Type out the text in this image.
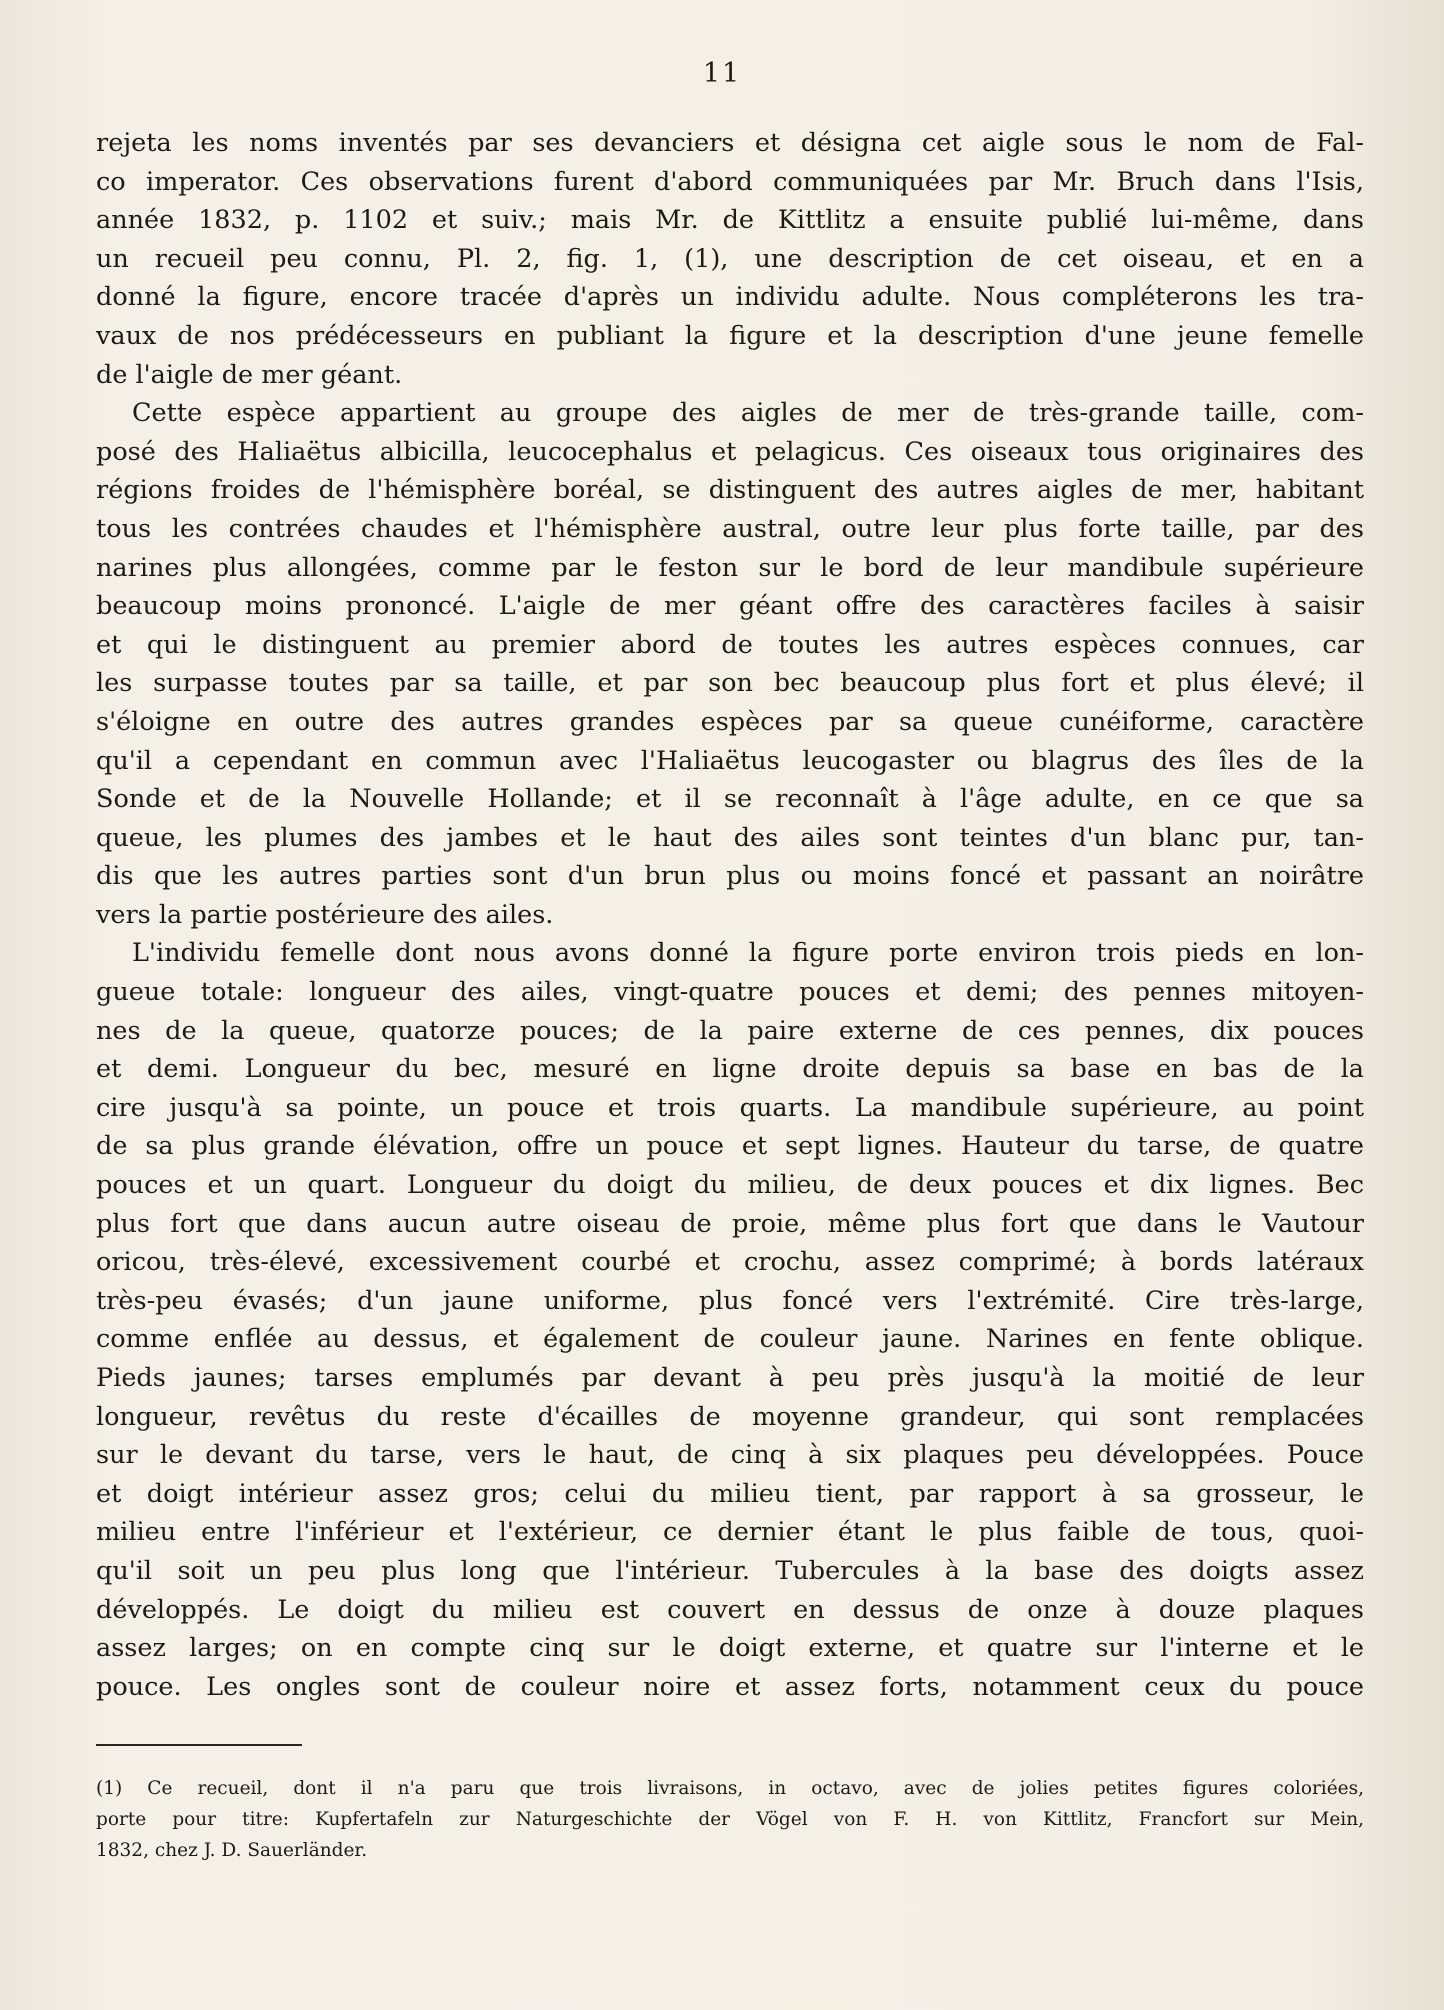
11

rejeta les noms inventés par ses devanciers et désigna cet aigle sous le nom de Fal-
co imperator. Ces observations furent d'abord communiquées par Mr. Bruch dans l'Isis,
année 1832, p. 1102 et suiv.; mais Mr. de Kittlitz a ensuite publié lui-même, dans
un recueil peu connu, Pl. 2, fig. 1, (1), une description de cet oiseau, et en a
donné la figure, encore tracée d'après un individu adulte. Nous compléterons les tra-
vaux de nos prédécesseurs en publiant la figure et la description d'une jeune femelle
de l'aigle de mer géant.

Cette espèce appartient au groupe des aigles de mer de très-grande taille, com-
posé des Haliaëtus albicilla, leucocephalus et pelagicus. Ces oiseaux tous originaires des
régions froides de l'hémisphère boréal, se distinguent des autres aigles de mer, habitant
tous les contrées chaudes et l'hémisphère austral, outre leur plus forte taille, par des
narines plus allongées, comme par le feston sur le bord de leur mandibule supérieure
beaucoup moins prononcé. L'aigle de mer géant offre des caractères faciles à saisir
et qui le distinguent au premier abord de toutes les autres espèces connues, car
les surpasse toutes par sa taille, et par son bec beaucoup plus fort et plus élevé; il
s'éloigne en outre des autres grandes espèces par sa queue cunéiforme, caractère
qu'il a cependant en commun avec l'Haliaëtus leucogaster ou blagrus des îles de la
Sonde et de la Nouvelle Hollande; et il se reconnaît à l'âge adulte, en ce que sa
queue, les plumes des jambes et le haut des ailes sont teintes d'un blanc pur, tan-
dis que les autres parties sont d'un brun plus ou moins foncé et passant an noirâtre
vers la partie postérieure des ailes.

L'individu femelle dont nous avons donné la figure porte environ trois pieds en lon-
gueue totale: longueur des ailes, vingt-quatre pouces et demi; des pennes mitoyen-
nes de la queue, quatorze pouces; de la paire externe de ces pennes, dix pouces
et demi. Longueur du bec, mesuré en ligne droite depuis sa base en bas de la
cire jusqu'à sa pointe, un pouce et trois quarts. La mandibule supérieure, au point
de sa plus grande élévation, offre un pouce et sept lignes. Hauteur du tarse, de quatre
pouces et un quart. Longueur du doigt du milieu, de deux pouces et dix lignes. Bec
plus fort que dans aucun autre oiseau de proie, même plus fort que dans le Vautour
oricou, très-élevé, excessivement courbé et crochu, assez comprimé; à bords latéraux
très-peu évasés; d'un jaune uniforme, plus foncé vers l'extrémité. Cire très-large,
comme enflée au dessus, et également de couleur jaune. Narines en fente oblique.
Pieds jaunes; tarses emplumés par devant à peu près jusqu'à la moitié de leur
longueur, revêtus du reste d'écailles de moyenne grandeur, qui sont remplacées
sur le devant du tarse, vers le haut, de cinq à six plaques peu développées. Pouce
et doigt intérieur assez gros; celui du milieu tient, par rapport à sa grosseur, le
milieu entre l'inférieur et l'extérieur, ce dernier étant le plus faible de tous, quoi-
qu'il soit un peu plus long que l'intérieur. Tubercules à la base des doigts assez
développés. Le doigt du milieu est couvert en dessus de onze à douze plaques
assez larges; on en compte cinq sur le doigt externe, et quatre sur l'interne et le
pouce. Les ongles sont de couleur noire et assez forts, notamment ceux du pouce

(1) Ce recueil, dont il n'a paru que trois livraisons, in octavo, avec de jolies petites figures coloriées,
porte pour titre: Kupfertafeln zur Naturgeschichte der Vögel von F. H. von Kittlitz, Francfort sur Mein,
1832, chez J. D. Sauerländer.
